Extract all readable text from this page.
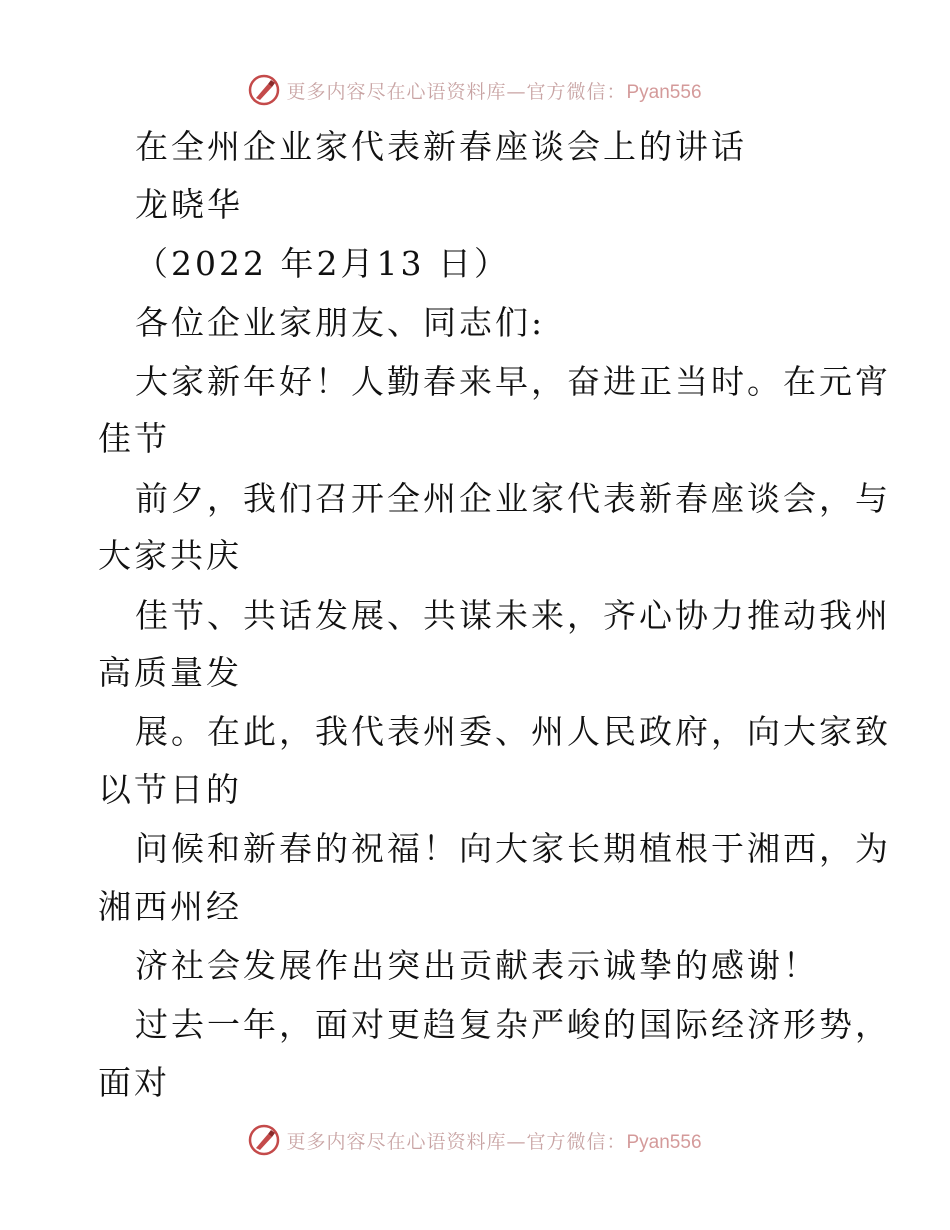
更多内容尽在心语资料库—官方微信：Pyan556
在全州企业家代表新春座谈会上的讲话
龙晓华
（2022 年2月13 日）
各位企业家朋友、同志们:
大家新年好！人勤春来早，奋进正当时。在元宵
佳节
前夕，我们召开全州企业家代表新春座谈会，与
大家共庆
佳节、共话发展、共谋未来，齐心协力推动我州
高质量发
展。在此，我代表州委、州人民政府，向大家致
以节日的
问候和新春的祝福！向大家长期植根于湘西，为
湘西州经
济社会发展作出突出贡献表示诚挚的感谢！
过去一年，面对更趋复杂严峻的国际经济形势，
面对
更多内容尽在心语资料库—官方微信：Pyan556
